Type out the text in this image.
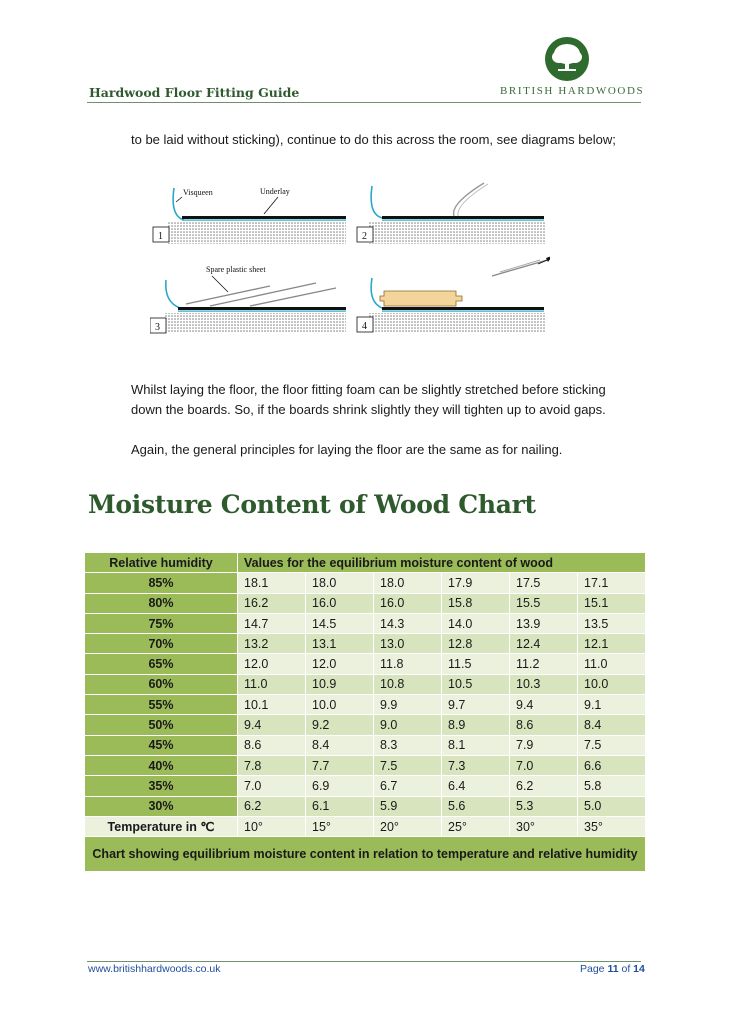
Hardwood Floor Fitting Guide	BRITISH HARDWOODS

to be laid without sticking), continue to do this across the room, see diagrams below;

Visqueen	Underlay
1	2
Spare plastic sheet
3	4

Whilst laying the floor, the floor fitting foam can be slightly stretched before sticking down the boards. So, if the boards shrink slightly they will tighten up to avoid gaps.

Again, the general principles for laying the floor are the same as for nailing.

Moisture Content of Wood Chart
Relative humidity	Values for the equilibrium moisture content of wood					
85%	18.1	18.0	18.0	17.9	17.5	17.1
80%	16.2	16.0	16.0	15.8	15.5	15.1
75%	14.7	14.5	14.3	14.0	13.9	13.5
70%	13.2	13.1	13.0	12.8	12.4	12.1
65%	12.0	12.0	11.8	11.5	11.2	11.0
60%	11.0	10.9	10.8	10.5	10.3	10.0
55%	10.1	10.0	9.9	9.7	9.4	9.1
50%	9.4	9.2	9.0	8.9	8.6	8.4
45%	8.6	8.4	8.3	8.1	7.9	7.5
40%	7.8	7.7	7.5	7.3	7.0	6.6
35%	7.0	6.9	6.7	6.4	6.2	5.8
30%	6.2	6.1	5.9	5.6	5.3	5.0
Temperature in ℃	10°	15°	20°	25°	30°	35°
Chart showing equilibrium moisture content in relation to temperature and relative humidity						
www.britishhardwoods.co.uk	Page 11 of 14
